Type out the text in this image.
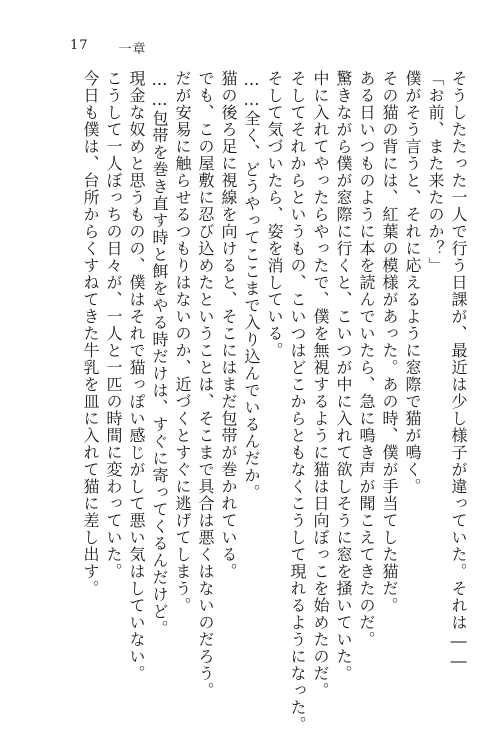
17 一章
そうしたたった一人で行う日課が、最近は少し様子が違っていた。それは――
「お前、また来たのか？」
僕がそう言うと、それに応えるように窓際で猫が鳴く。
その猫の背には、紅葉の模様があった。あの時、僕が手当てした猫だ。
ある日いつものように本を読んでいたら、急に鳴き声が聞こえてきたのだ。
驚きながら僕が窓際に行くと、こいつが中に入れて欲しそうに窓を掻いていた。
中に入れてやったらやったで、僕を無視するように猫は日向ぼっこを始めたのだ。
そしてそれからというもの、こいつはどこからともなくこうして現れるようになった。
そして気づいたら、姿を消している。
……全く、どうやってここまで入り込んでいるんだか。
猫の後ろ足に視線を向けると、そこにはまだ包帯が巻かれている。
でも、この屋敷に忍び込めたということは、そこまで具合は悪くはないのだろう。
だが安易に触らせるつもりはないのか、近づくとすぐに逃げてしまう。
……包帯を巻き直す時と餌をやる時だけは、すぐに寄ってくるんだけど。
現金な奴めと思うものの、僕はそれで猫っぽい感じがして悪い気はしていない。
こうして一人ぼっちの日々が、一人と一匹の時間に変わっていた。
今日も僕は、台所からくすねてきた牛乳を皿に入れて猫に差し出す。
